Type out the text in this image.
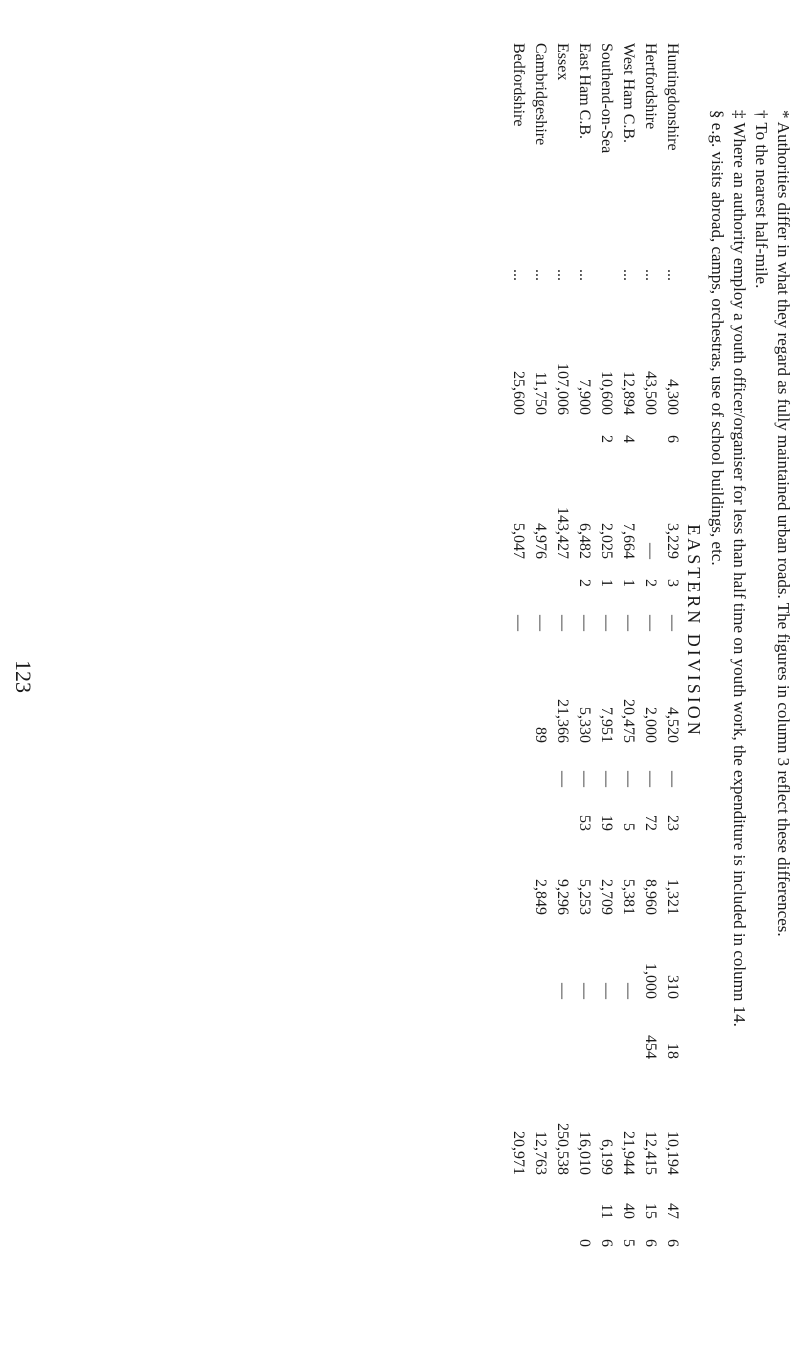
* Authorities differ in what they regard as fully maintained urban roads. The figures in column 3 reflect these differences.
† To the nearest half-mile.
‡ Where an authority employ a youth officer/organiser for less than half time on youth work, the expenditure is included in column 14.
§ e.g. visits abroad, camps, orchestras, use of school buildings, etc.
EASTERN DIVISION																
Huntingdonshire	...	4,300	6	3,229	3	—		4,520	—	23	1,321	310	18	10,194	47	6
Hertfordshire	...	43,500		—	2	—		2,000	—	72	8,960	1,000	454	12,415	15	6
West Ham C.B.	...	12,894	4	7,664	1	—		20,475	—	5	5,381	—		21,944	40	5
Southend-on-Sea		10,600	2	2,025	1	—		7,951	—	19	2,709	—		6,199	11	6
East Ham C.B.	...	7,900		6,482	2	—		5,330	—	53	5,253	—		16,010		0
Essex	...	107,006		143,427		—		21,366	—		9,296	—		250,538		
Cambridgeshire	...	11,750		4,976		—		89			2,849			12,763		
Bedfordshire	...	25,600		5,047		—								20,971		
123
